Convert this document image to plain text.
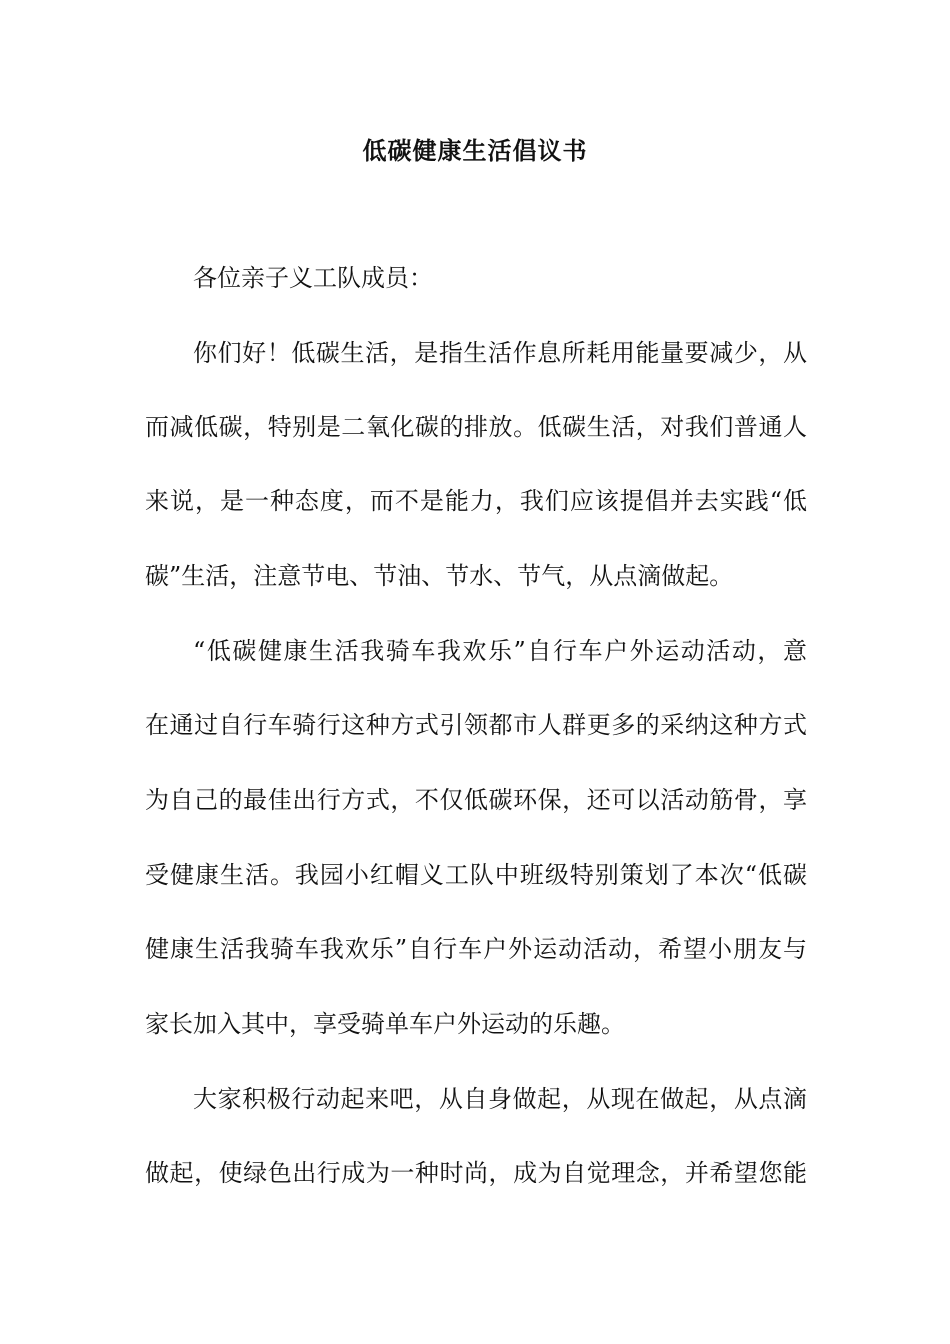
低碳健康生活倡议书

各位亲子义工队成员：

你们好！低碳生活，是指生活作息所耗用能量要减少，从

而减低碳，特别是二氧化碳的排放。低碳生活，对我们普通人

来说，是一种态度，而不是能力，我们应该提倡并去实践“低

碳”生活，注意节电、节油、节水、节气，从点滴做起。

“低碳健康生活我骑车我欢乐”自行车户外运动活动，意

在通过自行车骑行这种方式引领都市人群更多的采纳这种方式

为自己的最佳出行方式，不仅低碳环保，还可以活动筋骨，享

受健康生活。我园小红帽义工队中班级特别策划了本次“低碳

健康生活我骑车我欢乐”自行车户外运动活动，希望小朋友与

家长加入其中，享受骑单车户外运动的乐趣。

大家积极行动起来吧，从自身做起，从现在做起，从点滴

做起，使绿色出行成为一种时尚，成为自觉理念，并希望您能
